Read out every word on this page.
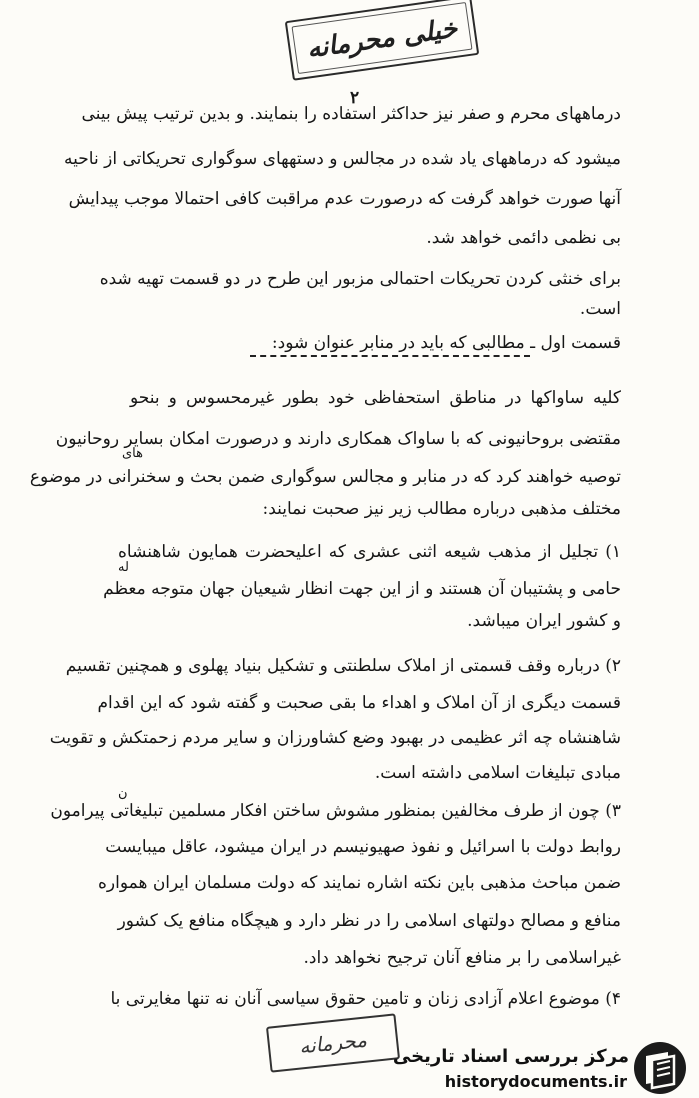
خیلی محرمانه
۲
درماههای محرم و صفر نیز حداکثر استفاده را بنمایند. و بدین ترتیب پیش بینی
میشود که درماههای یاد شده در مجالس و دستههای سوگواری تحریکاتی از ناحیه
آنها صورت خواهد گرفت که درصورت عدم مراقبت کافی احتمالا موجب پیدایش
بی نظمی دائمی خواهد شد.
برای خنثی کردن تحریکات احتمالی مزبور این طرح در دو قسمت تهیه شده
است.
قسمت اول ـ مطالبی که باید در منابر عنوان شود:
کلیه ساواکها در مناطق استحفاظی خود بطور غیرمحسوس و بنحو
مقتضی بروحانیونی که با ساواک همکاری دارند و درصورت امکان بسایر روحانیون
های
توصیه خواهند کرد که در منابر و مجالس سوگواری ضمن بحث و سخنرانی در موضوع
مختلف مذهبی درباره مطالب زیر نیز صحبت نمایند:
۱) تجلیل از مذهب شیعه اثنی عشری که اعلیحضرت همایون شاهنشاه
له
حامی و پشتیبان آن هستند و از این جهت انظار شیعیان جهان متوجه معظم
و کشور ایران میباشد.
۲) درباره وقف قسمتی از املاک سلطنتی و تشکیل بنیاد پهلوی و همچنین تقسیم
قسمت دیگری از آن املاک و اهداء ما بقی صحبت و گفته شود که این اقدام
شاهنشاه چه اثر عظیمی در بهبود وضع کشاورزان و سایر مردم زحمتکش و تقویت
مبادی تبلیغات اسلامی داشته است.
ن
۳) چون از طرف مخالفین بمنظور مشوش ساختن افکار مسلمین تبلیغاتی پیرامون
روابط دولت با اسرائیل و نفوذ صهیونیسم در ایران میشود، عاقل میبایست
ضمن مباحث مذهبی باین نکته اشاره نمایند که دولت مسلمان ایران همواره
منافع و مصالح دولتهای اسلامی را در نظر دارد و هیچگاه منافع یک کشور
غیراسلامی را بر منافع آنان ترجیح نخواهد داد.
۴) موضوع اعلام آزادی زنان و تامین حقوق سیاسی آنان نه تنها مغایرتی با
محرمانه	مرکز بررسی اسناد تاریخی
historydocuments.ir
